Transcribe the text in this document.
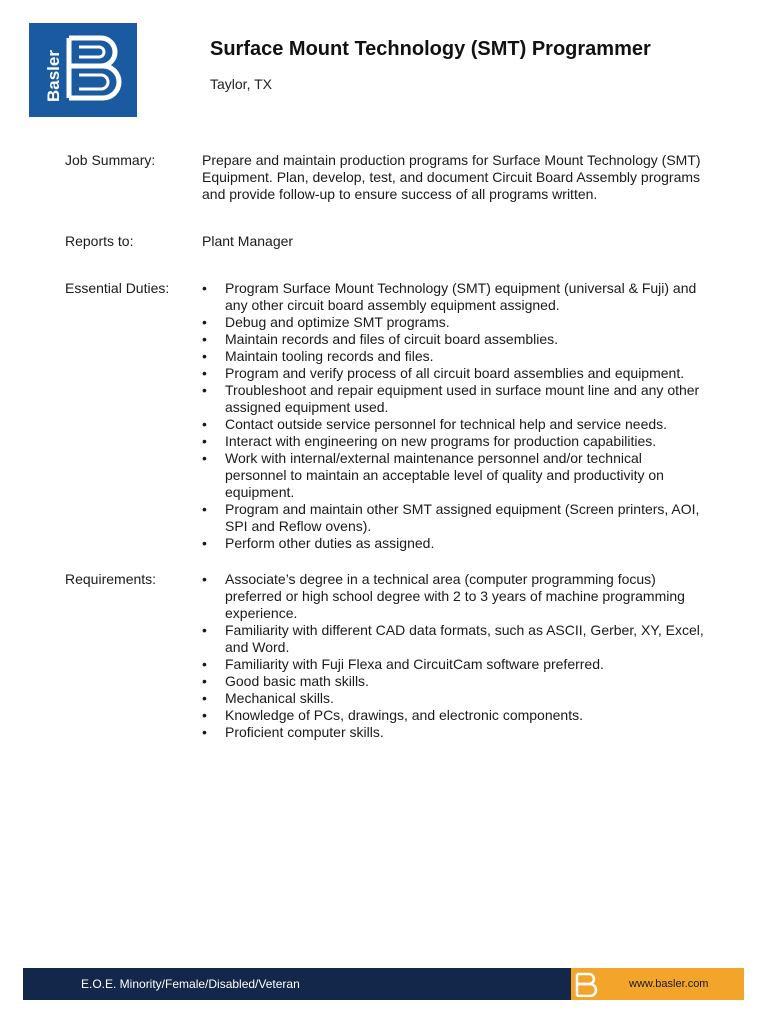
Basler
Surface Mount Technology (SMT) Programmer
Taylor, TX
Job Summary:	Prepare and maintain production programs for Surface Mount Technology (SMT) Equipment. Plan, develop, test, and document Circuit Board Assembly programs and provide follow-up to ensure success of all programs written.
Reports to:	Plant Manager
Essential Duties:	• Program Surface Mount Technology (SMT) equipment (universal & Fuji) and any other circuit board assembly equipment assigned.
• Debug and optimize SMT programs.
• Maintain records and files of circuit board assemblies.
• Maintain tooling records and files.
• Program and verify process of all circuit board assemblies and equipment.
• Troubleshoot and repair equipment used in surface mount line and any other assigned equipment used.
• Contact outside service personnel for technical help and service needs.
• Interact with engineering on new programs for production capabilities.
• Work with internal/external maintenance personnel and/or technical personnel to maintain an acceptable level of quality and productivity on equipment.
• Program and maintain other SMT assigned equipment (Screen printers, AOI, SPI and Reflow ovens).
• Perform other duties as assigned.
Requirements:	• Associate’s degree in a technical area (computer programming focus) preferred or high school degree with 2 to 3 years of machine programming experience.
• Familiarity with different CAD data formats, such as ASCII, Gerber, XY, Excel, and Word.
• Familiarity with Fuji Flexa and CircuitCam software preferred.
• Good basic math skills.
• Mechanical skills.
• Knowledge of PCs, drawings, and electronic components.
• Proficient computer skills.
E.O.E. Minority/Female/Disabled/Veteran	www.basler.com
